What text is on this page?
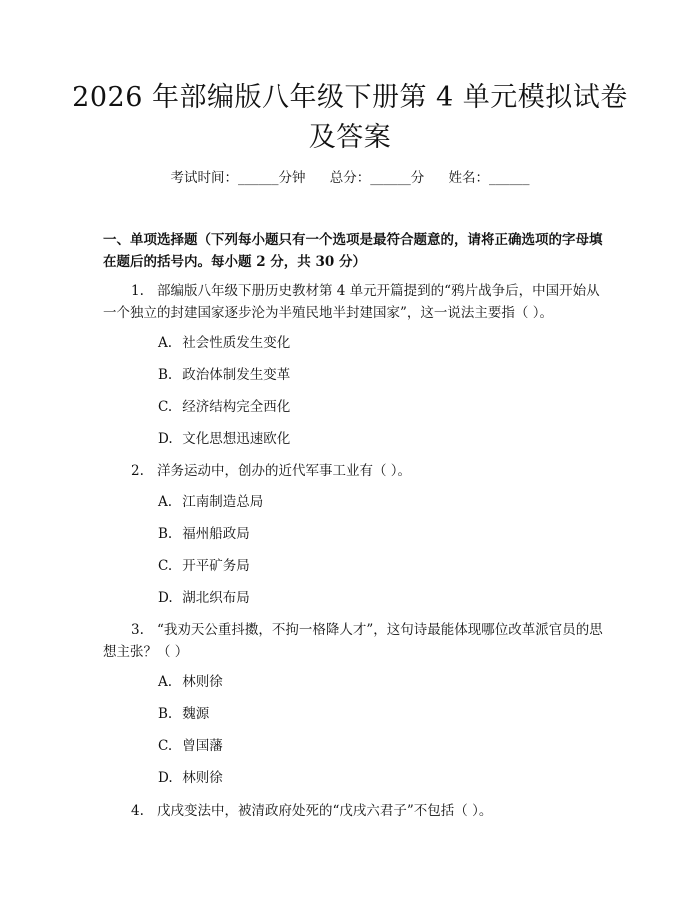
2026 年部编版八年级下册第 4 单元模拟试卷
及答案
考试时间：______分钟 总分：______分 姓名：______
一、单项选择题（下列每小题只有一个选项是最符合题意的，请将正确选项的字母填在题后的括号内。每小题 2 分，共 30 分）
1. 部编版八年级下册历史教材第 4 单元开篇提到的“鸦片战争后，中国开始从一个独立的封建国家逐步沦为半殖民地半封建国家”，这一说法主要指（ ）。
A. 社会性质发生变化
B. 政治体制发生变革
C. 经济结构完全西化
D. 文化思想迅速欧化
2. 洋务运动中，创办的近代军事工业有（ ）。
A. 江南制造总局
B. 福州船政局
C. 开平矿务局
D. 湖北织布局
3. “我劝天公重抖擞，不拘一格降人才”，这句诗最能体现哪位改革派官员的思想主张？（ ）
A. 林则徐
B. 魏源
C. 曾国藩
D. 林则徐
4. 戊戌变法中，被清政府处死的“戊戌六君子”不包括（ ）。
